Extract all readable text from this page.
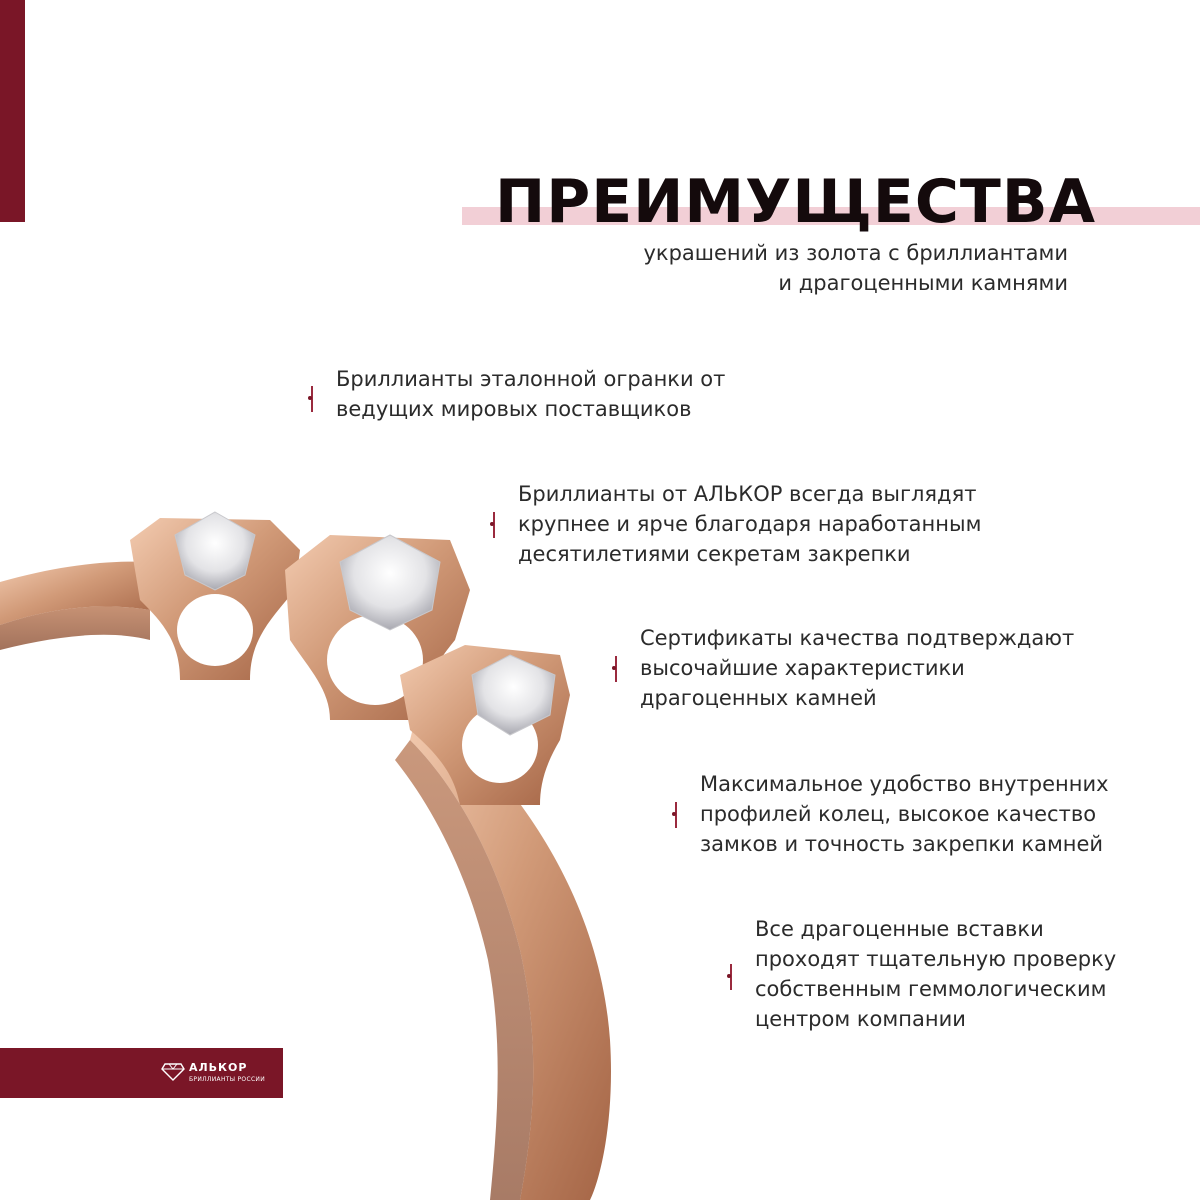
ПРЕИМУЩЕСТВА
украшений из золота с бриллиантами
и драгоценными камнями

Бриллианты эталонной огранки от
ведущих мировых поставщиков

Бриллианты от АЛЬКОР всегда выглядят
крупнее и ярче благодаря наработанным
десятилетиями секретам закрепки

Сертификаты качества подтверждают
высочайшие характеристики
драгоценных камней

Максимальное удобство внутренних
профилей колец, высокое качество
замков и точность закрепки камней

Все драгоценные вставки
проходят тщательную проверку
собственным геммологическим
центром компании

АЛЬКОР
БРИЛЛИАНТЫ РОССИИ
